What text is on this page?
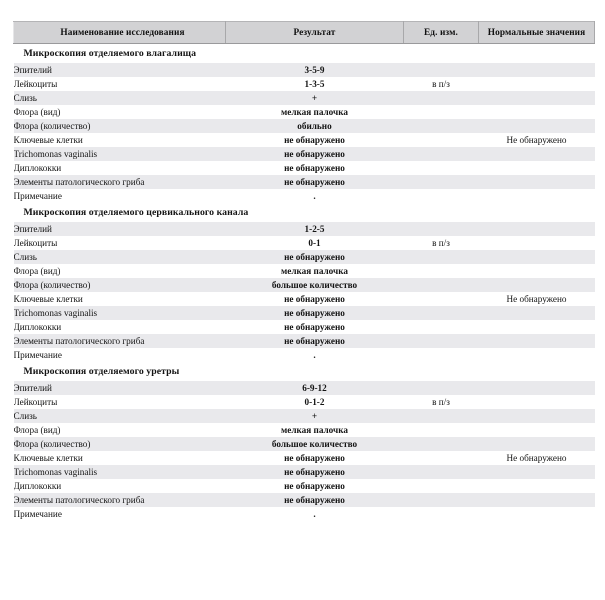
Наименование исследования	Результат	Ед. изм.	Нормальные значения
Микроскопия отделяемого влагалища			
Эпителий	3-5-9		
Лейкоциты	1-3-5	в п/з	
Слизь	+		
Флора (вид)	мелкая палочка		
Флора (количество)	обильно		
Ключевые клетки	не обнаружено		Не обнаружено
Trichomonas vaginalis	не обнаружено		
Диплококки	не обнаружено		
Элементы патологического гриба	не обнаружено		
Примечание	.		
Микроскопия отделяемого цервикального канала			
Эпителий	1-2-5		
Лейкоциты	0-1	в п/з	
Слизь	не обнаружено		
Флора (вид)	мелкая палочка		
Флора (количество)	большое количество		
Ключевые клетки	не обнаружено		Не обнаружено
Trichomonas vaginalis	не обнаружено		
Диплококки	не обнаружено		
Элементы патологического гриба	не обнаружено		
Примечание	.		
Микроскопия отделяемого уретры			
Эпителий	6-9-12		
Лейкоциты	0-1-2	в п/з	
Слизь	+		
Флора (вид)	мелкая палочка		
Флора (количество)	большое количество		
Ключевые клетки	не обнаружено		Не обнаружено
Trichomonas vaginalis	не обнаружено		
Диплококки	не обнаружено		
Элементы патологического гриба	не обнаружено		
Примечание	.		
